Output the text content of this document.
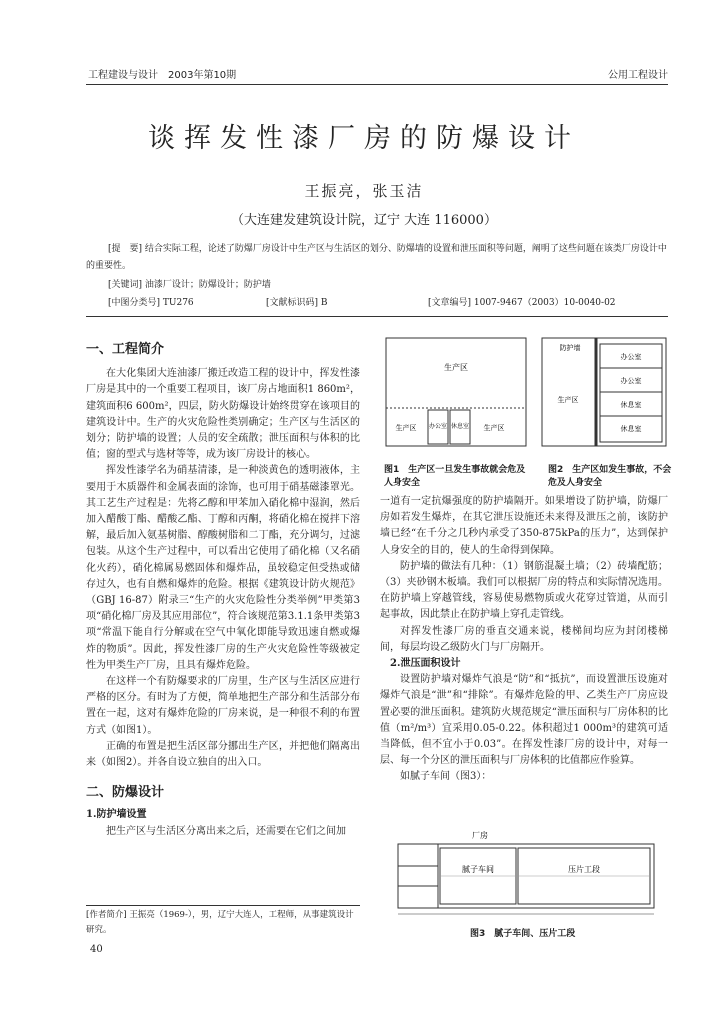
工程建设与设计　2003年第10期	公用工程设计
谈挥发性漆厂房的防爆设计
王振亮，张玉洁
（大连建发建筑设计院，辽宁 大连 116000）
[提　要] 结合实际工程，论述了防爆厂房设计中生产区与生活区的划分、防爆墙的设置和泄压面积等问题，阐明了这些问题在该类厂房设计中的重要性。
[关键词] 油漆厂设计；防爆设计；防护墙
[中图分类号] TU276	[文献标识码] B	[文章编号] 1007-9467（2003）10-0040-02
一、工程简介

在大化集团大连油漆厂搬迁改造工程的设计中，挥发性漆厂房是其中的一个重要工程项目，该厂房占地面积1 860m²，建筑面积6 600m²，四层，防火防爆设计始终贯穿在该项目的建筑设计中。生产的火灾危险性类别确定；生产区与生活区的划分；防护墙的设置；人员的安全疏散；泄压面积与体积的比值；窗的型式与选材等等，成为该厂房设计的核心。

挥发性漆学名为硝基清漆，是一种淡黄色的透明液体，主要用于木质器件和金属表面的涂饰，也可用于硝基磁漆罩光。其工艺生产过程是：先将乙醇和甲苯加入硝化棉中湿润，然后加入醋酸丁酯、醋酸乙酯、丁醇和丙酮，将硝化棉在搅拌下溶解，最后加入氨基树脂、醇酸树脂和二丁酯，充分调匀，过滤包装。从这个生产过程中，可以看出它使用了硝化棉（又名硝化火药），硝化棉属易燃固体和爆炸品，虽较稳定但受热或储存过久，也有自燃和爆炸的危险。根据《建筑设计防火规范》（GBJ 16-87）附录三“生产的火灾危险性分类举例”甲类第3项“硝化棉厂房及其应用部位”，符合该规范第3.1.1条甲类第3项“常温下能自行分解或在空气中氧化即能导致迅速自燃或爆炸的物质”。因此，挥发性漆厂房的生产火灾危险性等级被定性为甲类生产厂房，且具有爆炸危险。

在这样一个有防爆要求的厂房里，生产区与生活区应进行严格的区分。有时为了方便，简单地把生产部分和生活部分布置在一起，这对有爆炸危险的厂房来说，是一种很不利的布置方式（如图1）。

正确的布置是把生活区部分挪出生产区，并把他们隔离出来（如图2）。并各自设立独自的出入口。

二、防爆设计
1.防护墙设置

把生产区与生活区分离出来之后，还需要在它们之间加

[作者简介] 王振亮（1969-），男，辽宁大连人，工程师，从事建筑设计研究。
40
生产区
生产区	生产区
办公室 休息室
图1　生产区一旦发生事故就会危及人身安全
防护墙
生产区
办公室
办公室
休息室
休息室
图2　生产区如发生事故，不会危及人身安全

一道有一定抗爆强度的防护墙隔开。如果增设了防护墙，防爆厂房如若发生爆炸，在其它泄压设施还未来得及泄压之前，该防护墙已经“在千分之几秒内承受了350-875kPa的压力”，达到保护人身安全的目的，使人的生命得到保障。

防护墙的做法有几种：（1）钢筋混凝土墙；（2）砖墙配筋；（3）夹砂钢木板墙。我们可以根据厂房的特点和实际情况选用。在防护墙上穿越管线，容易使易燃物质或火花穿过管道，从而引起事故，因此禁止在防护墙上穿孔走管线。

对挥发性漆厂房的垂直交通来说，楼梯间均应为封闭楼梯间，每层均设乙级防火门与厂房隔开。

2.泄压面积设计

设置防护墙对爆炸气浪是“防”和“抵抗”，而设置泄压设施对爆炸气浪是“泄”和“排除”。有爆炸危险的甲、乙类生产厂房应设置必要的泄压面积。建筑防火规范规定“泄压面积与厂房体积的比值（m²/m³）宜采用0.05-0.22。体积超过1 000m³的建筑可适当降低，但不宜小于0.03”。在挥发性漆厂房的设计中，对每一层、每一个分区的泄压面积与厂房体积的比值都应作验算。

如腻子车间（图3）：

厂房
腻子车间	压片工段
图3　腻子车间、压片工段
